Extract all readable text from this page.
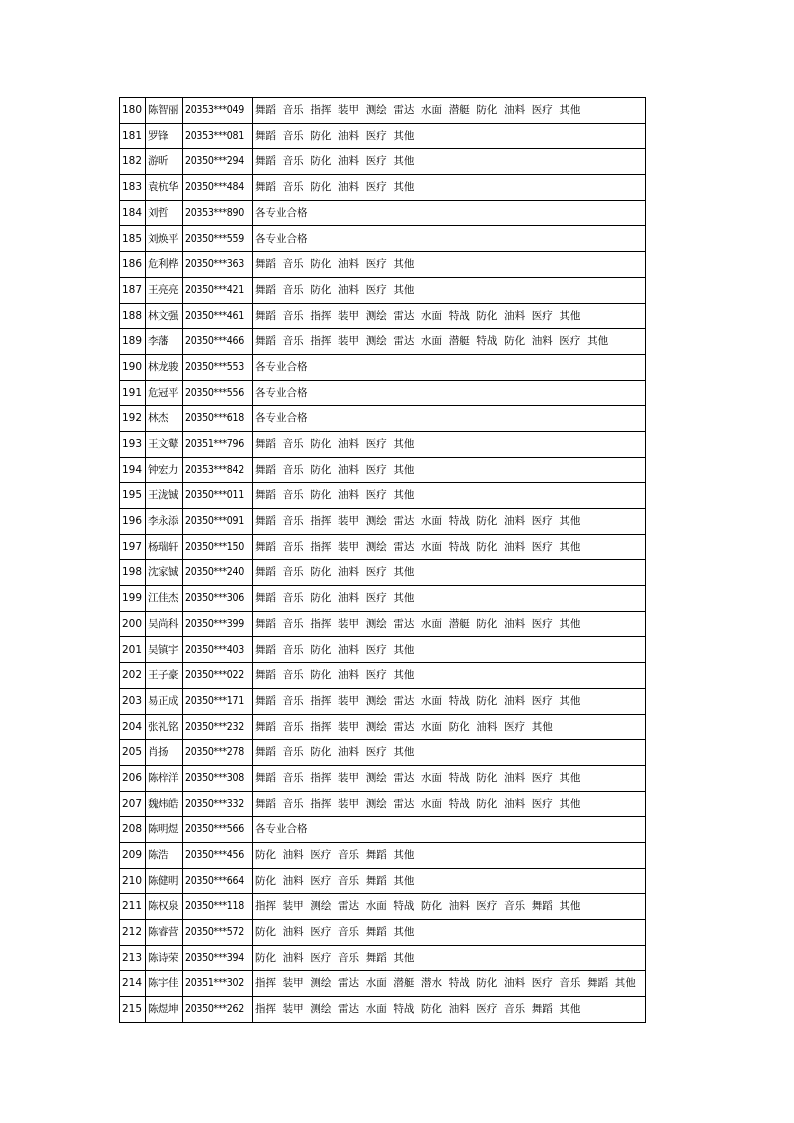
180	陈智丽	20353***049	舞蹈  音乐  指挥  装甲  测绘  雷达  水面  潜艇  防化  油料  医疗  其他
181	罗锋	20353***081	舞蹈  音乐  防化  油料  医疗  其他
182	游昕	20350***294	舞蹈  音乐  防化  油料  医疗  其他
183	袁杭华	20350***484	舞蹈  音乐  防化  油料  医疗  其他
184	刘哲	20353***890	各专业合格
185	刘焕平	20350***559	各专业合格
186	危利桦	20350***363	舞蹈  音乐  防化  油料  医疗  其他
187	王亮亮	20350***421	舞蹈  音乐  防化  油料  医疗  其他
188	林文强	20350***461	舞蹈  音乐  指挥  装甲  测绘  雷达  水面  特战  防化  油料  医疗  其他
189	李藩	20350***466	舞蹈  音乐  指挥  装甲  测绘  雷达  水面  潜艇  特战  防化  油料  医疗  其他
190	林龙骏	20350***553	各专业合格
191	危冠平	20350***556	各专业合格
192	林杰	20350***618	各专业合格
193	王文鼙	20351***796	舞蹈  音乐  防化  油料  医疗  其他
194	钟宏力	20353***842	舞蹈  音乐  防化  油料  医疗  其他
195	王泷铖	20350***011	舞蹈  音乐  防化  油料  医疗  其他
196	李永添	20350***091	舞蹈  音乐  指挥  装甲  测绘  雷达  水面  特战  防化  油料  医疗  其他
197	杨瑞轩	20350***150	舞蹈  音乐  指挥  装甲  测绘  雷达  水面  特战  防化  油料  医疗  其他
198	沈家铖	20350***240	舞蹈  音乐  防化  油料  医疗  其他
199	江佳杰	20350***306	舞蹈  音乐  防化  油料  医疗  其他
200	吴尚科	20350***399	舞蹈  音乐  指挥  装甲  测绘  雷达  水面  潜艇  防化  油料  医疗  其他
201	吴镇宇	20350***403	舞蹈  音乐  防化  油料  医疗  其他
202	王子豪	20350***022	舞蹈  音乐  防化  油料  医疗  其他
203	易正成	20350***171	舞蹈  音乐  指挥  装甲  测绘  雷达  水面  特战  防化  油料  医疗  其他
204	张礼铭	20350***232	舞蹈  音乐  指挥  装甲  测绘  雷达  水面  防化  油料  医疗  其他
205	肖扬	20350***278	舞蹈  音乐  防化  油料  医疗  其他
206	陈梓洋	20350***308	舞蹈  音乐  指挥  装甲  测绘  雷达  水面  特战  防化  油料  医疗  其他
207	魏炜皓	20350***332	舞蹈  音乐  指挥  装甲  测绘  雷达  水面  特战  防化  油料  医疗  其他
208	陈明煜	20350***566	各专业合格
209	陈浩	20350***456	防化  油料  医疗  音乐  舞蹈  其他
210	陈健明	20350***664	防化  油料  医疗  音乐  舞蹈  其他
211	陈权泉	20350***118	指挥  装甲  测绘  雷达  水面  特战  防化  油料  医疗  音乐  舞蹈  其他
212	陈睿营	20350***572	防化  油料  医疗  音乐  舞蹈  其他
213	陈诗荣	20350***394	防化  油料  医疗  音乐  舞蹈  其他
214	陈宇佳	20351***302	指挥  装甲  测绘  雷达  水面  潜艇  潜水  特战  防化  油料  医疗  音乐  舞蹈  其他
215	陈煜坤	20350***262	指挥  装甲  测绘  雷达  水面  特战  防化  油料  医疗  音乐  舞蹈  其他
